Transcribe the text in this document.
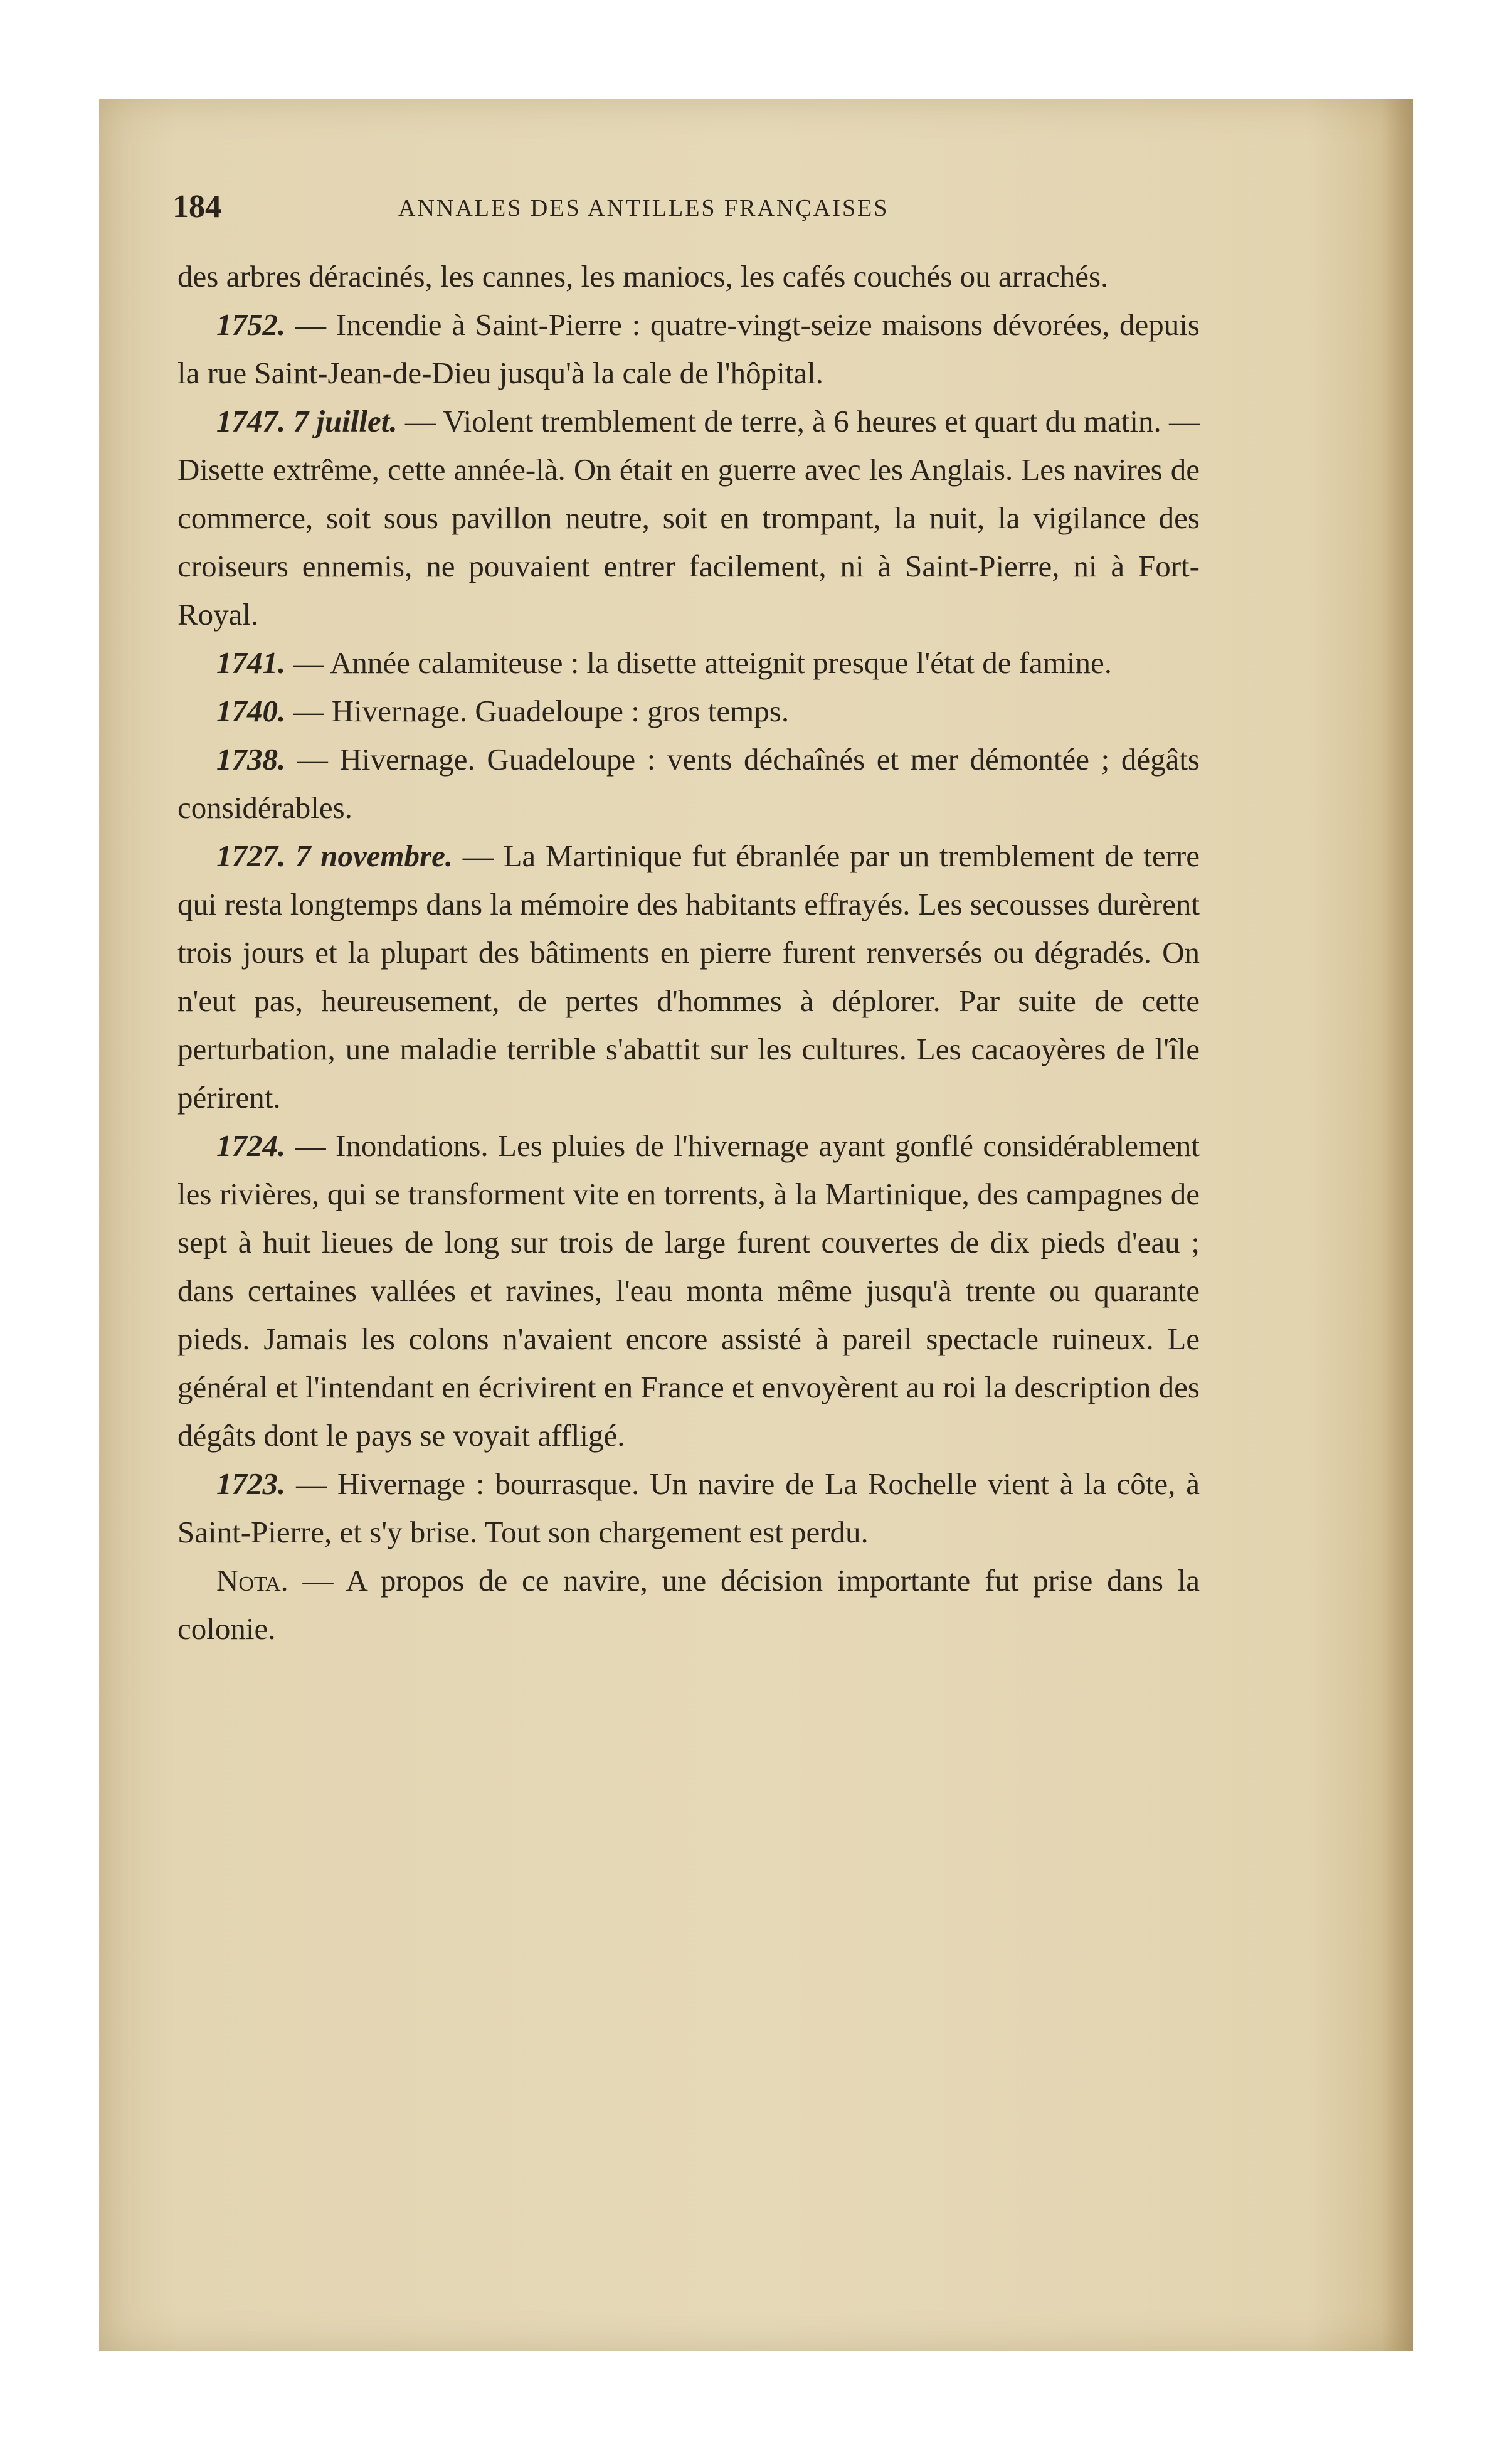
184	ANNALES DES ANTILLES FRANÇAISES

des arbres déracinés, les cannes, les maniocs, les cafés couchés ou arrachés.

1752. — Incendie à Saint-Pierre : quatre-vingt-seize maisons dévorées, depuis la rue Saint-Jean-de-Dieu jusqu'à la cale de l'hôpital.

1747. 7 juillet. — Violent tremblement de terre, à 6 heures et quart du matin. — Disette extrême, cette année-là. On était en guerre avec les Anglais. Les navires de commerce, soit sous pavillon neutre, soit en trompant, la nuit, la vigilance des croiseurs ennemis, ne pouvaient entrer facilement, ni à Saint-Pierre, ni à Fort-Royal.

1741. — Année calamiteuse : la disette atteignit presque l'état de famine.

1740. — Hivernage. Guadeloupe : gros temps.

1738. — Hivernage. Guadeloupe : vents déchaînés et mer démontée ; dégâts considérables.

1727. 7 novembre. — La Martinique fut ébranlée par un tremblement de terre qui resta longtemps dans la mémoire des habitants effrayés. Les secousses durèrent trois jours et la plupart des bâtiments en pierre furent renversés ou dégradés. On n'eut pas, heureusement, de pertes d'hommes à déplorer. Par suite de cette perturbation, une maladie terrible s'abattit sur les cultures. Les cacaoyères de l'île périrent.

1724. — Inondations. Les pluies de l'hivernage ayant gonflé considérablement les rivières, qui se transforment vite en torrents, à la Martinique, des campagnes de sept à huit lieues de long sur trois de large furent couvertes de dix pieds d'eau ; dans certaines vallées et ravines, l'eau monta même jusqu'à trente ou quarante pieds. Jamais les colons n'avaient encore assisté à pareil spectacle ruineux. Le général et l'intendant en écrivirent en France et envoyèrent au roi la description des dégâts dont le pays se voyait affligé.

1723. — Hivernage : bourrasque. Un navire de La Rochelle vient à la côte, à Saint-Pierre, et s'y brise. Tout son chargement est perdu.

Nota. — A propos de ce navire, une décision importante fut prise dans la colonie.
